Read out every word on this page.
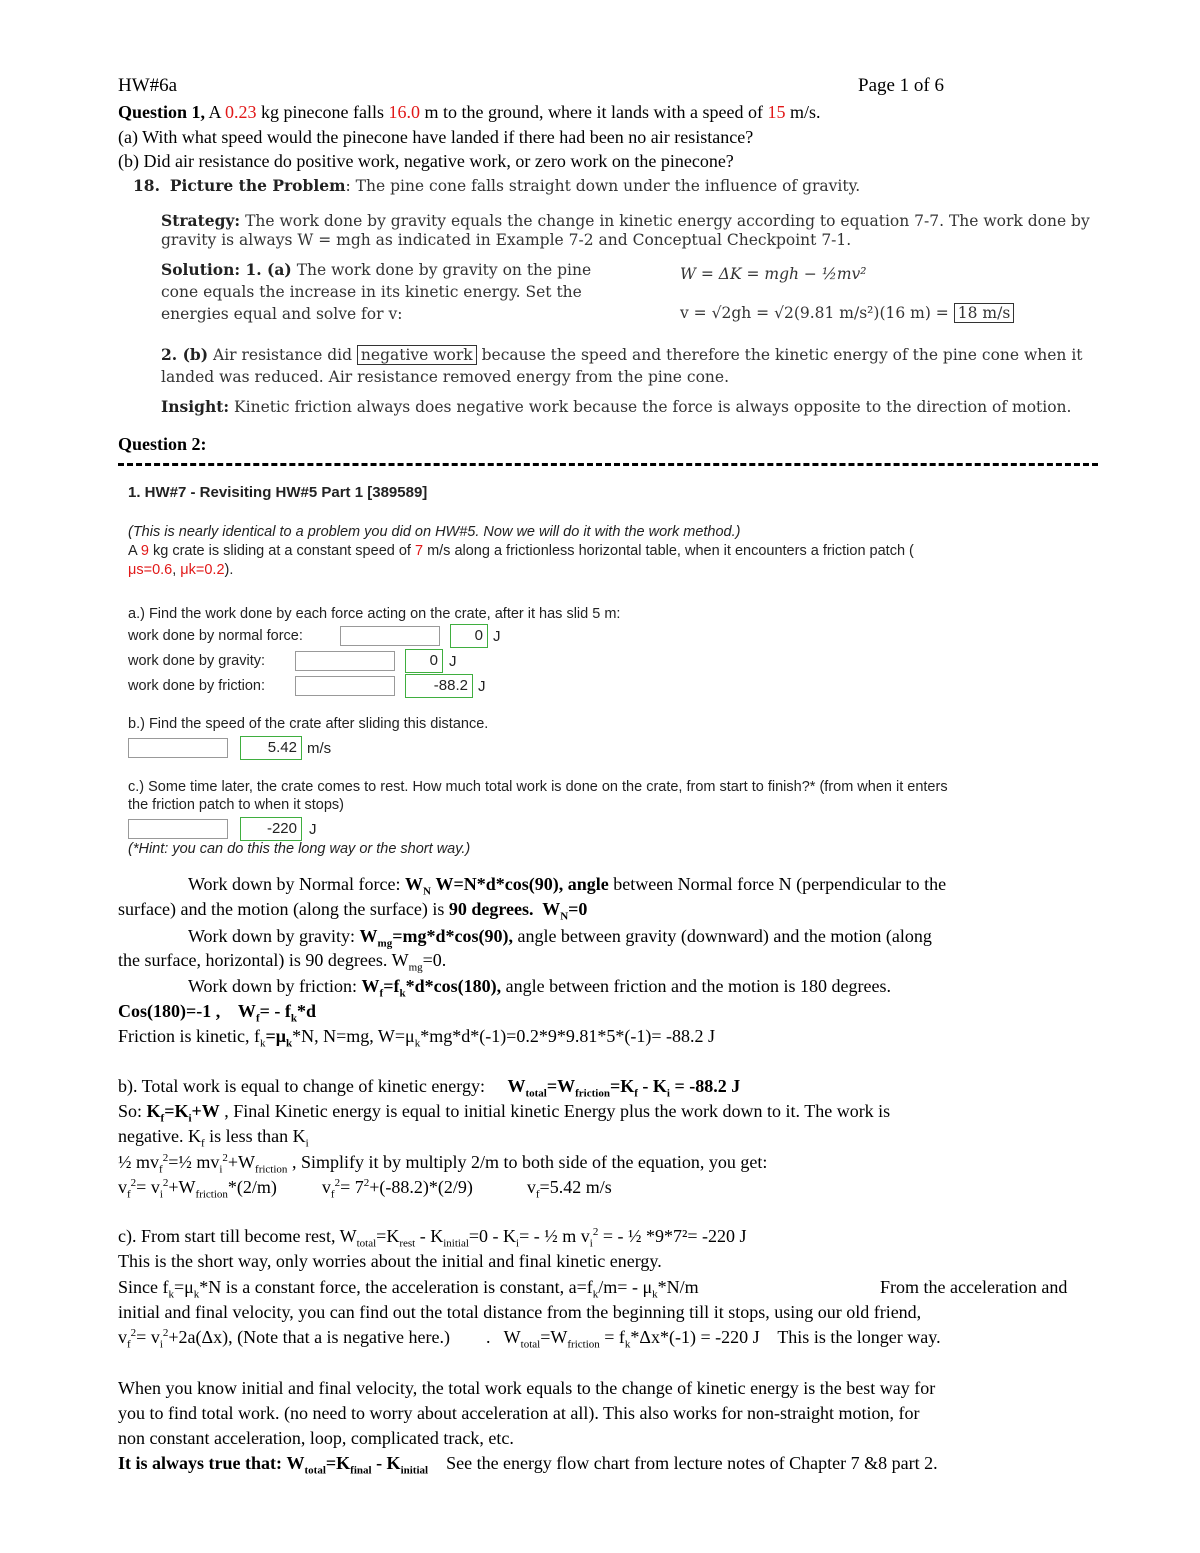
HW#6a	Page 1 of 6
Question 1, A 0.23 kg pinecone falls 16.0 m to the ground, where it lands with a speed of 15 m/s.
(a) With what speed would the pinecone have landed if there had been no air resistance?
(b) Did air resistance do positive work, negative work, or zero work on the pinecone?
18. Picture the Problem: The pine cone falls straight down under the influence of gravity.
Strategy: The work done by gravity equals the change in kinetic energy according to equation 7-7. The work done by
gravity is always W = mgh as indicated in Example 7-2 and Conceptual Checkpoint 7-1.
Solution: 1. (a) The work done by gravity on the pine
cone equals the increase in its kinetic energy. Set the
energies equal and solve for v:
W = ΔK = mgh − ½mv²
v = √2gh = √2(9.81 m/s²)(16 m) = 18 m/s
2. (b) Air resistance did negative work because the speed and therefore the kinetic energy of the pine cone when it
landed was reduced. Air resistance removed energy from the pine cone.
Insight: Kinetic friction always does negative work because the force is always opposite to the direction of motion.
Question 2:
1. HW#7 - Revisiting HW#5 Part 1 [389589]
(This is nearly identical to a problem you did on HW#5. Now we will do it with the work method.)
A 9 kg crate is sliding at a constant speed of 7 m/s along a frictionless horizontal table, when it encounters a friction patch (
μs=0.6, μk=0.2).
a.) Find the work done by each force acting on the crate, after it has slid 5 m:
work done by normal force:	0 J
work done by gravity:	0 J
work done by friction:	-88.2 J
b.) Find the speed of the crate after sliding this distance.
5.42 m/s
c.) Some time later, the crate comes to rest. How much total work is done on the crate, from start to finish?* (from when it enters
the friction patch to when it stops)
-220 J
(*Hint: you can do this the long way or the short way.)
Work down by Normal force: $W_N$ W=N*d*cos(90), angle between Normal force N (perpendicular to the
surface) and the motion (along the surface) is 90 degrees.  $W_N=0$
Work down by gravity: $W_{mg}=mg*d*\cos(90)$, angle between gravity (downward) and the motion (along
the surface, horizontal) is 90 degrees. $W_{mg}=0$.
Work down by friction: $W_f=f_k*d*\cos(180)$, angle between friction and the motion is 180 degrees.
Cos(180)=-1 ,    $W_f= - f_k*d$
Friction is kinetic, $f_k=\mu_k*N$, N=mg, $W=\mu_k*mg*d*(-1)=0.2*9*9.81*5*(-1)= -88.2$ J
b). Total work is equal to change of kinetic energy: $W_{total}=W_{friction}=K_f - K_i = -88.2$ J
So: $K_f=K_i+W$ , Final Kinetic energy is equal to initial kinetic Energy plus the work down to it. The work is
negative. $K_f$ is less than $K_i$
½ $mv_f^2=\frac{1}{2}$ $mv_i^2+W_{friction}$ , Simplify it by multiply 2/m to both side of the equation, you get:
$v_f^2= v_i^2+W_{friction}*(2/m)$          $v_f^2= 7^2+(-88.2)*(2/9)$            $v_f=5.42$ m/s
c). From start till become rest, $W_{total}=K_{rest} - K_{initial}=0 - K_i=$ - ½ m $v_i^2$ = - ½ *9*7²= -220 J
This is the short way, only worries about the initial and final kinetic energy.
Since $f_k=\mu_k*N$ is a constant force, the acceleration is constant, $a=f_k/m= - \mu_k*N/m$	From the acceleration and
initial and final velocity, you can find out the total distance from the beginning till it stops, using our old friend,
$v_f^2= v_i^2+2a(\Delta x)$, (Note that a is negative here.)        .   $W_{total}=W_{friction} = f_k*\Delta x*(-1) = -220$ J    This is the longer way.
When you know initial and final velocity, the total work equals to the change of kinetic energy is the best way for
you to find total work. (no need to worry about acceleration at all). This also works for non-straight motion, for
non constant acceleration, loop, complicated track, etc.
It is always true that: $W_{total}=K_{final} - K_{initial}$ See the energy flow chart from lecture notes of Chapter 7 &8 part 2.
